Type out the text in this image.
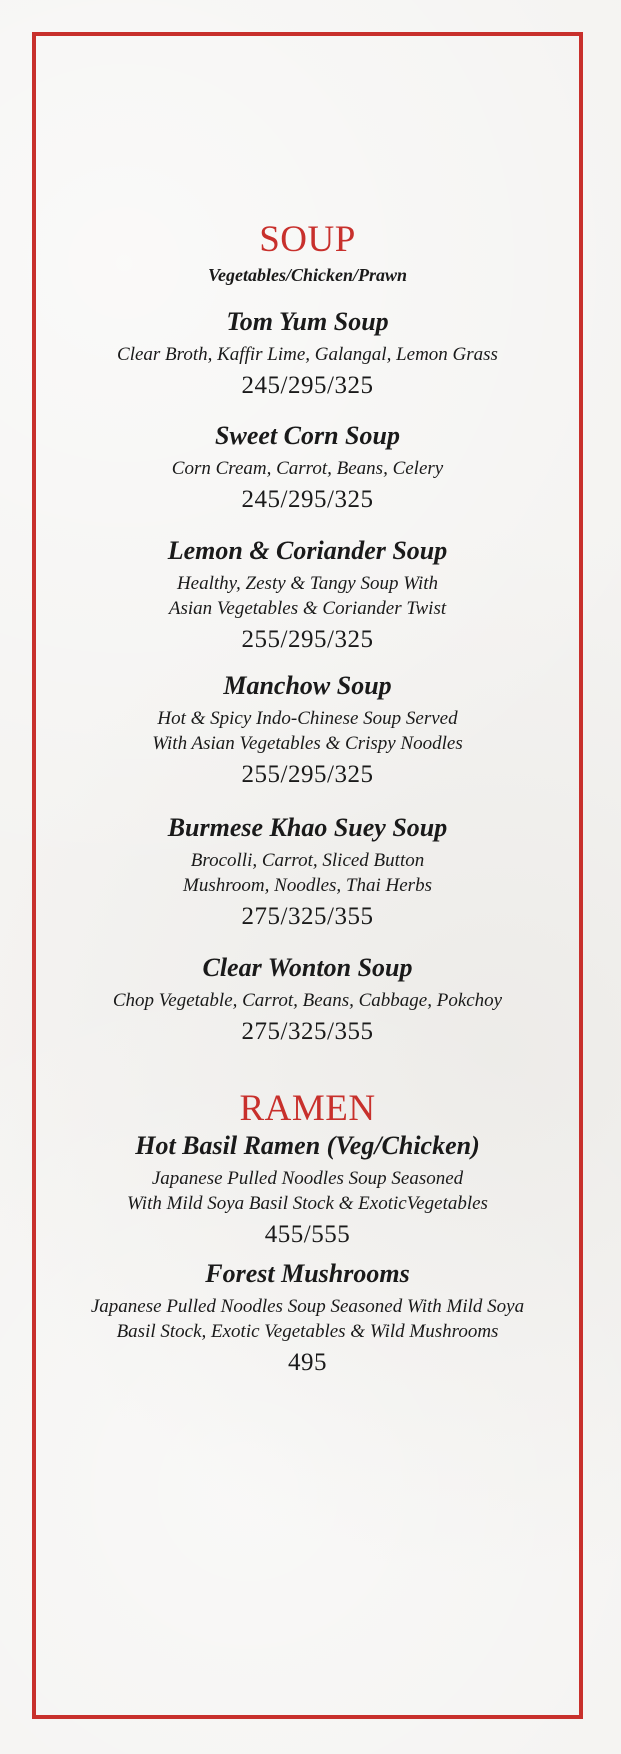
SOUP

Vegetables/Chicken/Prawn

Tom Yum Soup

Clear Broth, Kaffir Lime, Galangal, Lemon Grass

245/295/325

Sweet Corn Soup

Corn Cream, Carrot, Beans, Celery

245/295/325

Lemon & Coriander Soup

Healthy, Zesty & Tangy Soup With
Asian Vegetables & Coriander Twist

255/295/325

Manchow Soup

Hot & Spicy Indo-Chinese Soup Served
With Asian Vegetables & Crispy Noodles

255/295/325

Burmese Khao Suey Soup

Brocolli, Carrot, Sliced Button
Mushroom, Noodles, Thai Herbs

275/325/355

Clear Wonton Soup

Chop Vegetable, Carrot, Beans, Cabbage, Pokchoy

275/325/355

RAMEN

Hot Basil Ramen (Veg/Chicken)

Japanese Pulled Noodles Soup Seasoned
With Mild Soya Basil Stock & ExoticVegetables

455/555

Forest Mushrooms

Japanese Pulled Noodles Soup Seasoned With Mild Soya
Basil Stock, Exotic Vegetables & Wild Mushrooms

495
